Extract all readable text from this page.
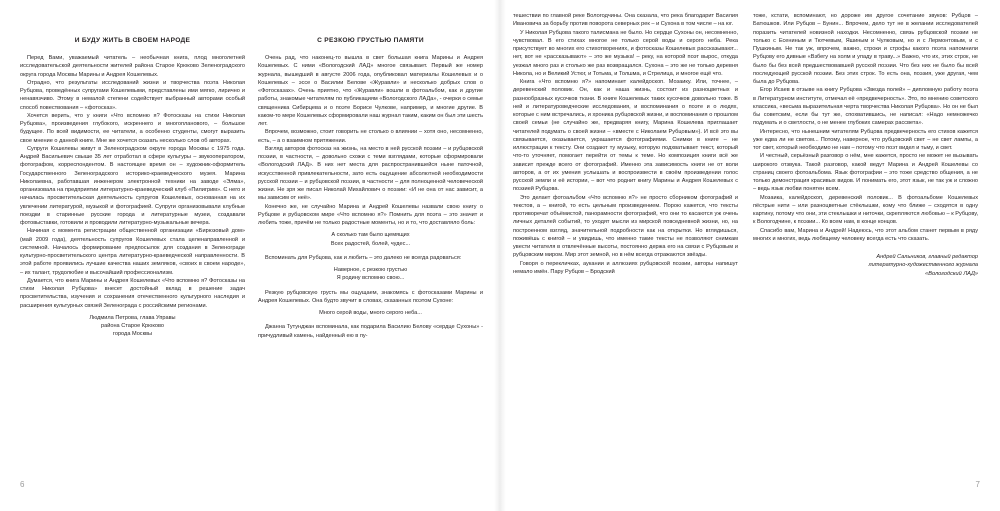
И БУДУ ЖИТЬ В СВОЕМ НАРОДЕ

Перед Вами, уважаемый читатель – необычная книга, плод многолетней исследовательской деятельности жителей района Старое Крюково Зеленоградского округа города Москвы Марины и Андрея Кошелевых.

Отрадно, что результаты исследований жизни и творчества поэта Николая Рубцова, проведённых супругами Кошелевыми, представлены ими мягко, лирично и ненавязчиво. Этому в немалой степени содействует выбранный авторами особый способ повествования – «фотосказ».

Хочется верить, что у книги «Что вспомню я? Фотосказы на стихи Николая Рубцова», произведения глубокого, искреннего и многопланового, – большое будущее. По всей видимости, ее читатели, а особенно студенты, смогут выразить свое мнение о данной книге. Мне же хочется сказать несколько слов об авторах.

Супруги Кошелевы живут в Зеленоградском округе города Москвы с 1975 года. Андрей Васильевич свыше 35 лет отработал в сфере культуры – звукооператором, фотографом, корреспондентом. В настоящее время он – художник-оформитель Государственного Зеленоградского историко-краеведческого музея. Марина Николаевна, работавшая инженером электронной техники на заводе «Элма», организовала на предприятии литературно-краеведческий клуб «Пилигрим». С него и началась просветительская деятельность супругов Кошелевых, основанная на их увлечении литературой, музыкой и фотографией. Супруги организовывали клубные поездки в старинные русские города и литературные музеи, создавали фотовыставки, готовили и проводили литературно-музыкальные вечера.

Начиная с момента регистрации общественной организации «Бирюзовый дом» (май 2009 года), деятельность супругов Кошелевых стала целенаправленной и системной. Началось формирование предпосылок для создания в Зеленограде культурно-просветительского центра литературно-краеведческой направленности. В этой работе проявились лучшие качества наших земляков, «своих в своем народе», – их талант, трудолюбие и высочайший профессионализм.

Думается, что книга Марины и Андрея Кошелевых «Что вспомню я? Фотосказы на стихи Николая Рубцова» внесет достойный вклад в решение задач просветительства, изучения и сохранения отечественного культурного наследия и расширения культурных связей Зеленограда с российскими регионами.

Людмила Петрова, глава Управы
района Старое Крюково
города Москвы

С РЕЗКОЮ ГРУСТЬЮ ПАМЯТИ

Очень рад, что наконец-то вышла в свет большая книга Марины и Андрея Кошелевых. С ними «Вологодский ЛАД» многое связывает. Первый же номер журнала, вышедший в августе 2006 года, опубликовал материалы Кошелевых и о Кошелевых – эссе о Василии Белове «Журавли» и несколько добрых слов о «Фотосказах». Очень приятно, что «Журавли» вошли в фотоальбом, как и другие работы, знакомые читателям по публикациям «Вологодского ЛАДа», - очерки о семье священника Сибирцева и о поэте Борисе Чулкове, например, и многие другие. В каком-то мере Кошелевых сформировали наш журнал таким, каким он был эти шесть лет.

Впрочем, возможно, стоит говорить не столько о влиянии – хотя оно, несомненно, есть, – а о взаимном притяжении.

Взгляд авторов фотосказ на жизнь, на место в ней русской поэзии – и рубцовской поэзии, в частности, – довольно схожи с теми взглядами, которые сформировали «Вологодский ЛАД». В них нет места для распространившейся ныне паточной, искусственной привлекательности, зато есть ощущение абсолютной необходимости русской поэзии – и рубцовской поэзии, в частности – для полноценной человеческой жизни. Не зря же писал Николай Михайлович о поэзии: «И не она от нас зависит, а мы зависим от неё».

Конечно же, не случайно Марина и Андрей Кошелевы назвали свою книгу о Рубцове и рубцовском мире «Что вспомню я?» Помнить для поэта – это значит и любить тоже, причём не только радостные моменты, но и то, что доставляло боль:

А сколько там было щемящих
Всех радостей, болей, чудес...

Вспоминать для Рубцова, как и любить – это далеко не всегда радоваться:

Наверное, с резкою грустью
Я родину вспомню свою...

Резкую рубцовскую грусть мы ощущаем, знакомясь с фотосказами Марины и Андрея Кошелевых. Она будто звучит в словах, сказанных поэтом Сухоне:

Много серой воды, много серого неба...

Джанна Тутунджан вспоминала, как подарила Василию Белову «сердце Сухоны» - причудливый камень, найденный ею в пу-

6

тешествии по главной реке Вологодчины. Она сказала, что река благодарит Василия Ивановича за борьбу против поворота северных рек – и Сухона в том числе – на юг.

У Николая Рубцова такого талисмана не было. Но сердце Сухоны он, несомненно, чувствовал. В его стихах многое не только серой воды и серого неба. Река присутствует во многих его стихотворениях, и фотосказы Кошелевых рассказывают... нет, вот не «рассказывают» – это же музыка! – реку, на которой поэт вырос, откуда уезжал много раз и столько же раз возвращался. Сухона – это же не только деревня Никола, но и Великий Устюг, и Тотьма, и Толшма, и Стрелица, и многое ещё что.

Книга «Что вспомню я?» напоминает калейдоскоп. Мозаику. Или, точнее, – деревенский половик. Он, как и наша жизнь, состоит из разноцветных и разнообразных кусочков ткани. В книге Кошелевых таких кусочков довольно тоже. В ней и литературоведческие исследования, и воспоминания о поэте и о людях, которые с ним встречались, и хроника рубцовской жизни, и воспоминания о прошлом своей семьи (не случайно же, предваряя книгу, Марина Кошелева приглашает читателей подумать о своей жизни – «вместе с Николаем Рубцовым»). И всё это вы связывается, оказывается, украшается фотографиями. Снимки в книге – не иллюстрации к тексту. Они создают ту музыку, которую подхватывает текст, который что-то уточняет, помогает перейти от темы к теме. Но композиция книги всё же зависит прежде всего от фотографий. Именно эта зависимость книги не от воли авторов, а от их умения услышать и воспроизвести в своём произведении голос русской земли и её истории, – вот что роднит книгу Марины и Андрея Кошелевых с поэзией Рубцова.

Это делает фотоальбом «Что вспомню я?» не просто сборником фотографий и текстов, а – книгой, то есть цельным произведением. Порою кажется, что тексты противоречат объёмистой, панорамности фотографий, что они то касаются уж очень личных деталей событий, то уходят мысли из мирской повседневной жизни, но, на построенном взгляд, значительной подробности как на открытки. Но вглядишься, поживёшь с книгой – и увидишь, что именно такие тексты не позволяют снимкам увести читателя в отвлечённые высоты, постоянно держа его на связи с Рубцовым и рубцовским миром. Мир этот земной, но в нём всегда отражаются звёзды.

Говоря о перекличках, аукании и аллюзиях рубцовской поэзии, авторы напишут немало имён. Пару Рубцов – Бродский

тоже, кстати, вспоминают, но дороже им другое сочетание звуков: Рубцов – Батюшков. Или Рубцов – Бунин... Впрочем, дело тут не в желании исследователей поразить читателей новизной находки. Несомненно, связь рубцовской поэзии не только с Есениным и Тютчевым, Яшиным и Чулковым, но и с Лермонтовым, и с Пушкиным. Не так уж, впрочем, важно, строки и строфы какого поэта напомнили Рубцову его дивные «Взбегу на холм и упаду в траву...» Важно, что их, этих строк, не было бы без всей предшествовавшей русской поэзии. Что без них не было бы всей последующей русской поэзии. Без этих строк. То есть она, поэзия, уже другая, чем была до Рубцова.

Егор Исаев в отзыве на книгу Рубцова «Звезда полей» – дипломную работу поэта в Литературном институте, отмечал её «предвечерность». Это, по мнению советского классика, «весьма выразительная черта творчества Николая Рубцова». Но он не был бы советским, если бы тут же, спохватившись, не написал: «Надо немножечко подумать и о светлости, о не менее глубоких самерах рассвета».

Интересно, что нынешним читателям Рубцова предвечерность его стихов кажется уже едва ли не светом... Потому, наверное, что рубцовский свет – не свет лампы, а тот свет, который необходимо не нам – потому что поэт видел и тьму, и свет.

И честный, серьёзный разговор о нём, мне кажется, просто не может не вызывать широкого отзвука. Такой разговор, какой ведут Марина и Андрей Кошелевы со страниц своего фотоальбома. Язык фотографии – это тоже средство общения, а не только демонстрация красивых видов. И понимать его, этот язык, не так уж и сложно – ведь язык любви понятен всем.

Мозаика, калейдоскоп, деревенский половик... В фотоальбоме Кошелевых пёстрые нити – или разноцветные стёклышки, кому что ближе – сходятся в одну картину, потому что они, эти стеклышки и ниточки, скрепляются любовью – к Рубцову, к Вологодчине, к поэзии... Ко всем нам, в конце концов.

Спасибо вам, Марина и Андрей! Надеюсь, что этот альбом станет первым в ряду многих и многих, ведь любящему человеку всегда есть что сказать.

Андрей Сальников, главный редактор
литературно-художественного журнала
«Вологодский ЛАД»

7
